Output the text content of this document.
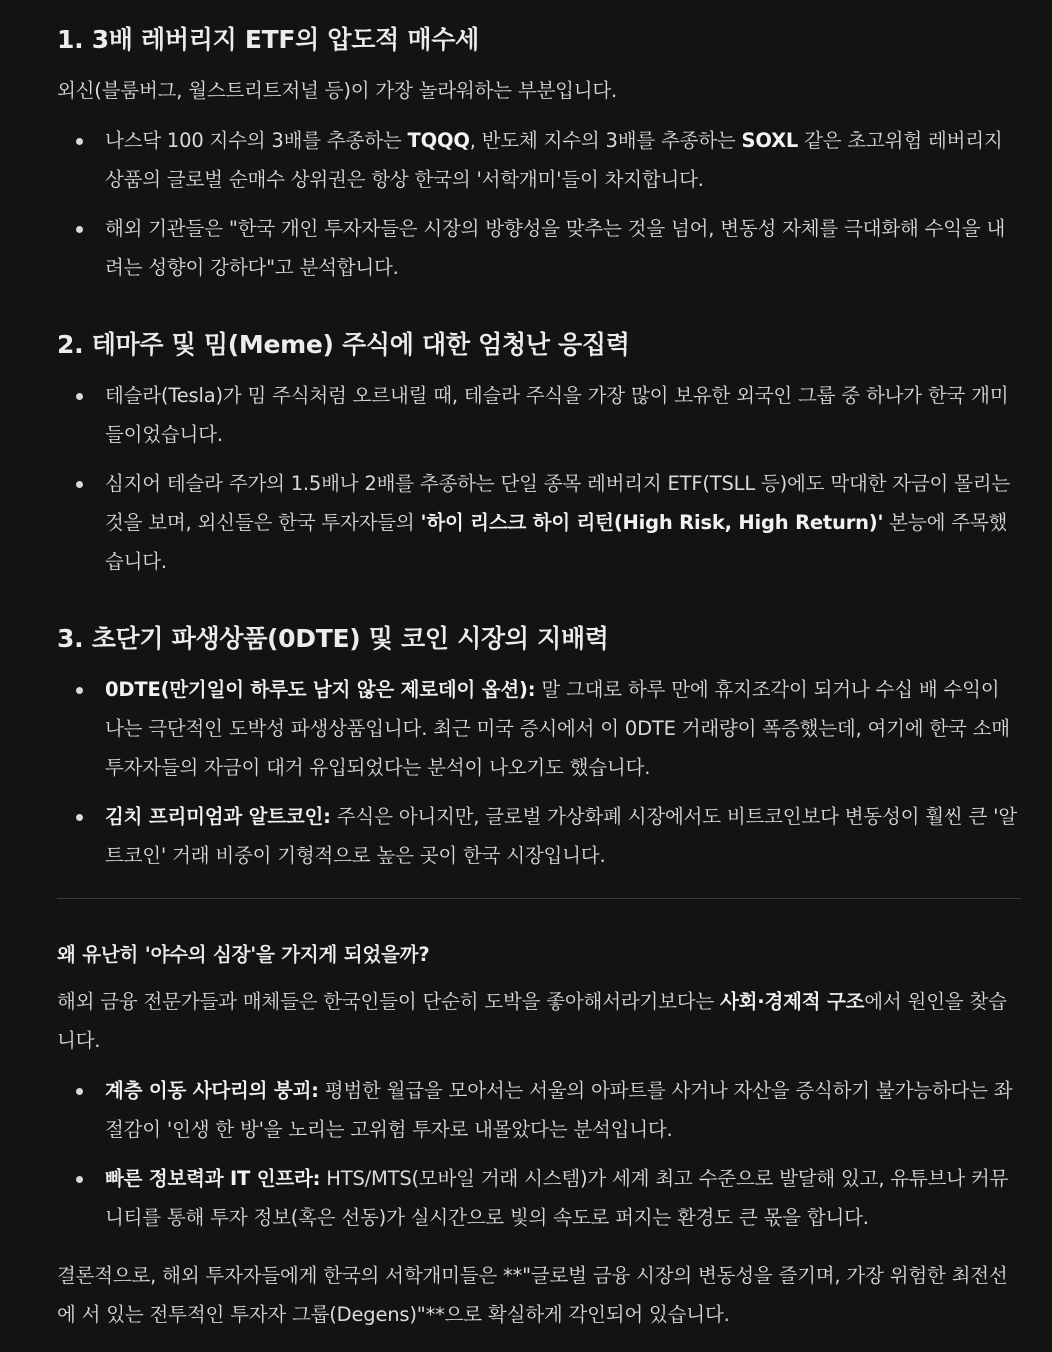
1. 3배 레버리지 ETF의 압도적 매수세

외신(블룸버그, 월스트리트저널 등)이 가장 놀라워하는 부분입니다.

나스닥 100 지수의 3배를 추종하는 TQQQ, 반도체 지수의 3배를 추종하는 SOXL 같은 초고위험 레버리지 상품의 글로벌 순매수 상위권은 항상 한국의 '서학개미'들이 차지합니다.
해외 기관들은 "한국 개인 투자자들은 시장의 방향성을 맞추는 것을 넘어, 변동성 자체를 극대화해 수익을 내려는 성향이 강하다"고 분석합니다.
2. 테마주 및 밈(Meme) 주식에 대한 엄청난 응집력
테슬라(Tesla)가 밈 주식처럼 오르내릴 때, 테슬라 주식을 가장 많이 보유한 외국인 그룹 중 하나가 한국 개미들이었습니다.
심지어 테슬라 주가의 1.5배나 2배를 추종하는 단일 종목 레버리지 ETF(TSLL 등)에도 막대한 자금이 몰리는 것을 보며, 외신들은 한국 투자자들의 '하이 리스크 하이 리턴(High Risk, High Return)' 본능에 주목했습니다.
3. 초단기 파생상품(0DTE) 및 코인 시장의 지배력
0DTE(만기일이 하루도 남지 않은 제로데이 옵션): 말 그대로 하루 만에 휴지조각이 되거나 수십 배 수익이 나는 극단적인 도박성 파생상품입니다. 최근 미국 증시에서 이 0DTE 거래량이 폭증했는데, 여기에 한국 소매 투자자들의 자금이 대거 유입되었다는 분석이 나오기도 했습니다.
김치 프리미엄과 알트코인: 주식은 아니지만, 글로벌 가상화폐 시장에서도 비트코인보다 변동성이 훨씬 큰 '알트코인' 거래 비중이 기형적으로 높은 곳이 한국 시장입니다.
왜 유난히 '야수의 심장'을 가지게 되었을까?

해외 금융 전문가들과 매체들은 한국인들이 단순히 도박을 좋아해서라기보다는 사회·경제적 구조에서 원인을 찾습니다.

계층 이동 사다리의 붕괴: 평범한 월급을 모아서는 서울의 아파트를 사거나 자산을 증식하기 불가능하다는 좌절감이 '인생 한 방'을 노리는 고위험 투자로 내몰았다는 분석입니다.
빠른 정보력과 IT 인프라: HTS/MTS(모바일 거래 시스템)가 세계 최고 수준으로 발달해 있고, 유튜브나 커뮤니티를 통해 투자 정보(혹은 선동)가 실시간으로 빛의 속도로 퍼지는 환경도 큰 몫을 합니다.

결론적으로, 해외 투자자들에게 한국의 서학개미들은 **"글로벌 금융 시장의 변동성을 즐기며, 가장 위험한 최전선에 서 있는 전투적인 투자자 그룹(Degens)"**으로 확실하게 각인되어 있습니다.
